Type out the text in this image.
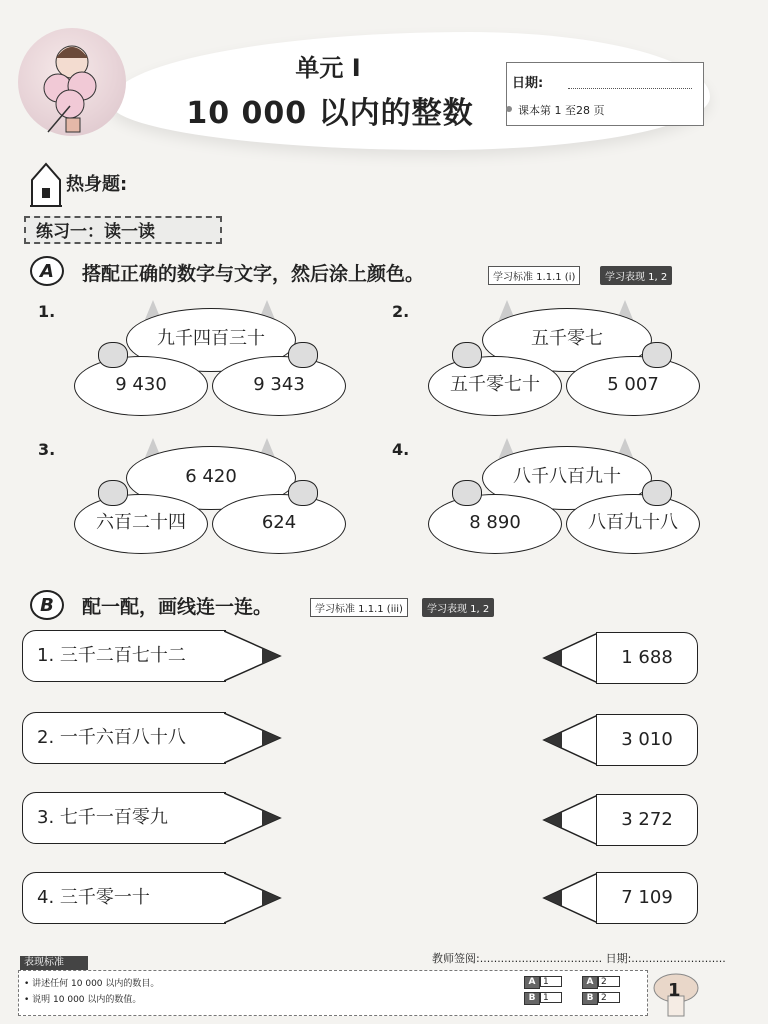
单元 I
10 000 以内的整数
日期:
课本第 1 至28 页
热身题:
练习一：读一读
A	搭配正确的数字与文字，然后涂上颜色。	学习标准 1.1.1 (i)	学习表现 1, 2
1.
九千四百三十
9 430	9 343
2.
五千零七
五千零七十	5 007
3.
6 420
六百二十四	624
4.
八千八百九十
8 890	八百九十八
B	配一配，画线连一连。	学习标准 1.1.1 (iii)	学习表现 1, 2
1. 三千二百七十二
2. 一千六百八十八
3. 七千一百零九
4. 三千零一十
1 688
3 010
3 272
7 109
教师签阅:................................... 日期:...........................
表现标准
• 讲述任何 10 000 以内的数目。
• 说明 10 000 以内的数值。
A 1	A 2
B 1	B 2	1
